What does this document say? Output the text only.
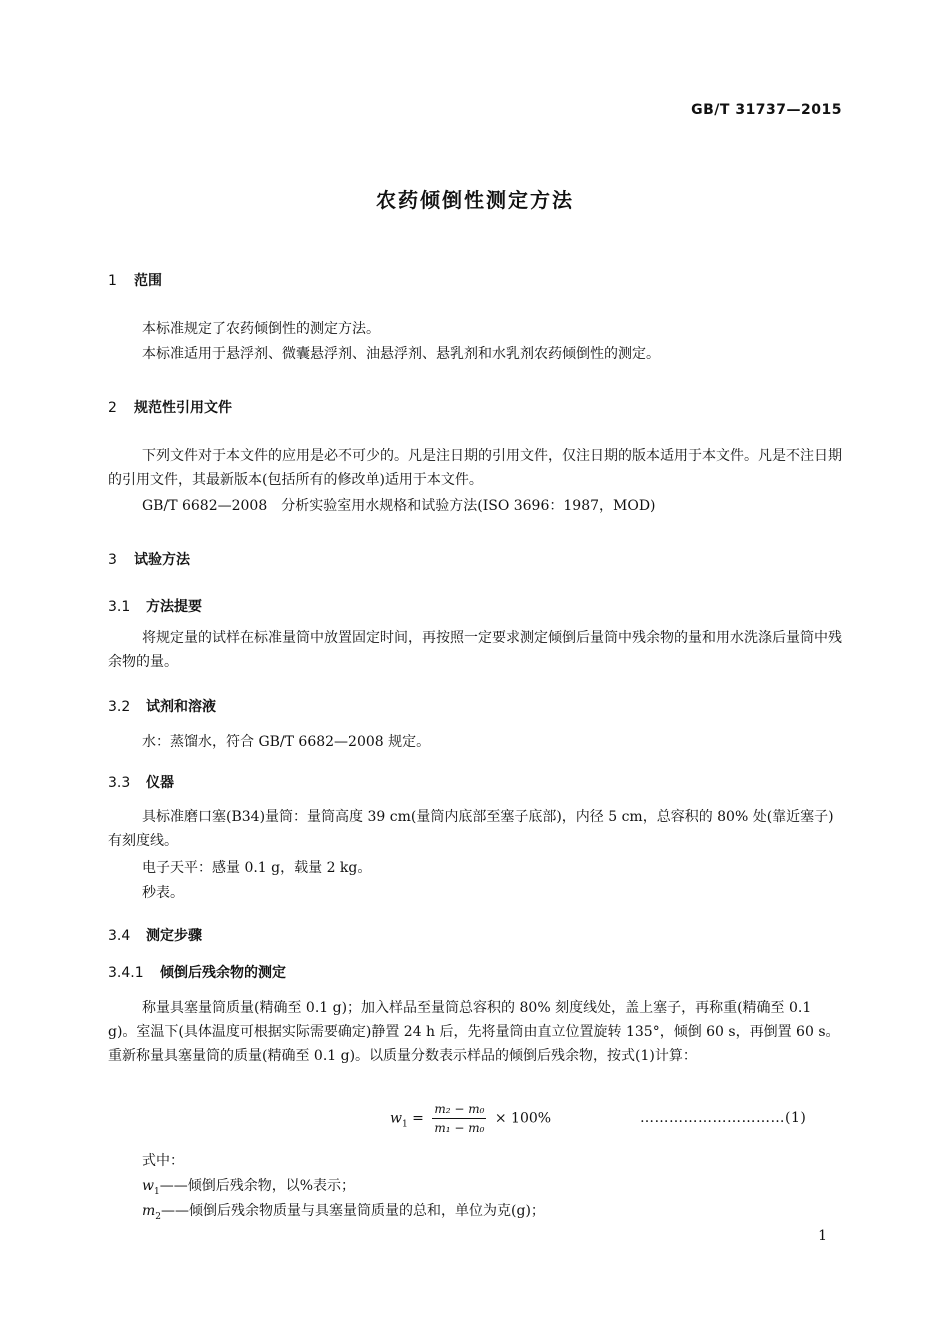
GB/T 31737—2015
农药倾倒性测定方法
1 范围
本标准规定了农药倾倒性的测定方法。
本标准适用于悬浮剂、微囊悬浮剂、油悬浮剂、悬乳剂和水乳剂农药倾倒性的测定。
2 规范性引用文件
下列文件对于本文件的应用是必不可少的。凡是注日期的引用文件，仅注日期的版本适用于本文件。凡是不注日期的引用文件，其最新版本(包括所有的修改单)适用于本文件。
GB/T 6682—2008　分析实验室用水规格和试验方法(ISO 3696：1987，MOD)
3 试验方法
3.1 方法提要
将规定量的试样在标准量筒中放置固定时间，再按照一定要求测定倾倒后量筒中残余物的量和用水洗涤后量筒中残余物的量。
3.2 试剂和溶液
水：蒸馏水，符合 GB/T 6682—2008 规定。
3.3 仪器
具标准磨口塞(B34)量筒：量筒高度 39 cm(量筒内底部至塞子底部)，内径 5 cm，总容积的 80% 处(靠近塞子)有刻度线。
电子天平：感量 0.1 g，载量 2 kg。
秒表。
3.4 测定步骤
3.4.1 倾倒后残余物的测定
称量具塞量筒质量(精确至 0.1 g)；加入样品至量筒总容积的 80% 刻度线处，盖上塞子，再称重(精确至 0.1 g)。室温下(具体温度可根据实际需要确定)静置 24 h 后，先将量筒由直立位置旋转 135°，倾倒 60 s，再倒置 60 s。重新称量具塞量筒的质量(精确至 0.1 g)。以质量分数表示样品的倾倒后残余物，按式(1)计算：
$w_1 = \frac{\text{m₂ − m₀}}{\text{m₁ − m₀}} \times 100\%$	…………………………(1)
式中：
$w_1——$倾倒后残余物，以%表示；
$m_2——$倾倒后残余物质量与具塞量筒质量的总和，单位为克(g)；
1
